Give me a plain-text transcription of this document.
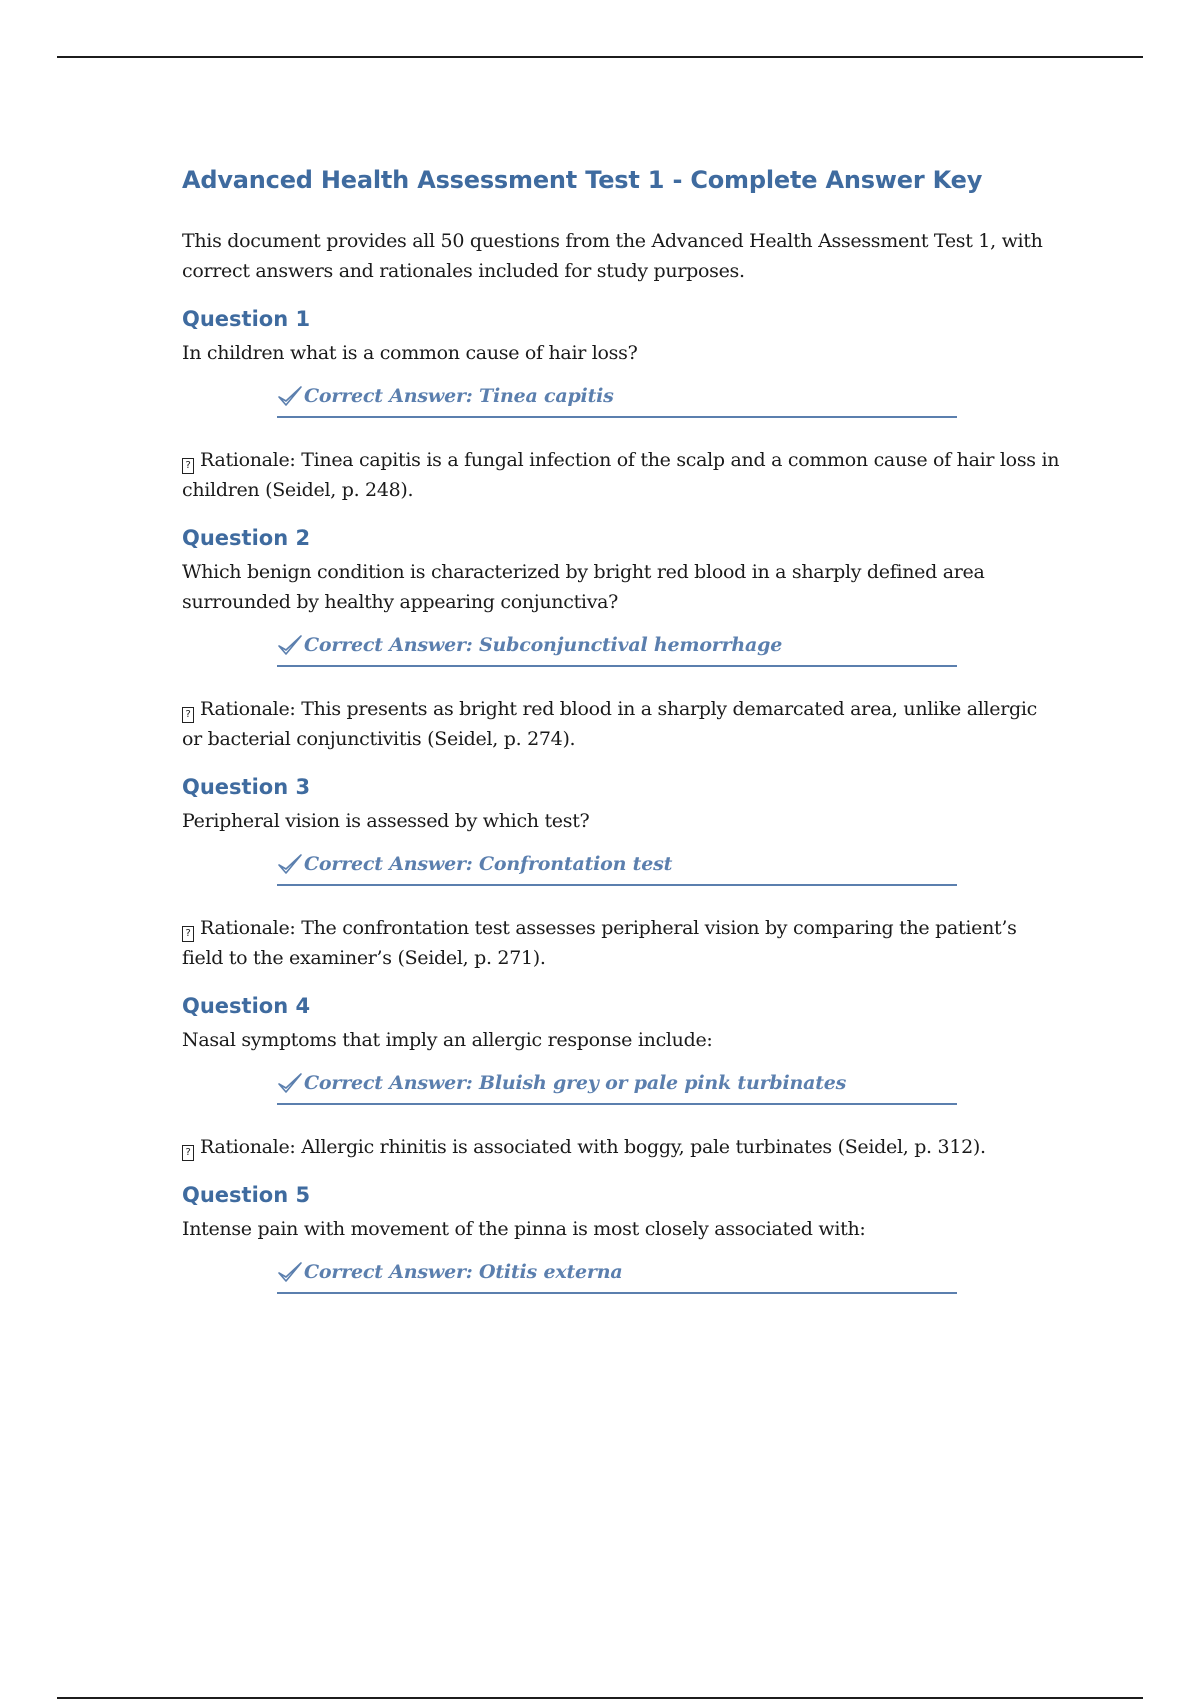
Advanced Health Assessment Test 1 - Complete Answer Key

This document provides all 50 questions from the Advanced Health Assessment Test 1, with correct answers and rationales included for study purposes.

Question 1

In children what is a common cause of hair loss?

Correct Answer: Tinea capitis

? Rationale: Tinea capitis is a fungal infection of the scalp and a common cause of hair loss in children (Seidel, p. 248).

Question 2

Which benign condition is characterized by bright red blood in a sharply defined area surrounded by healthy appearing conjunctiva?

Correct Answer: Subconjunctival hemorrhage

? Rationale: This presents as bright red blood in a sharply demarcated area, unlike allergic or bacterial conjunctivitis (Seidel, p. 274).

Question 3

Peripheral vision is assessed by which test?

Correct Answer: Confrontation test

? Rationale: The confrontation test assesses peripheral vision by comparing the patient’s field to the examiner’s (Seidel, p. 271).

Question 4

Nasal symptoms that imply an allergic response include:

Correct Answer: Bluish grey or pale pink turbinates

? Rationale: Allergic rhinitis is associated with boggy, pale turbinates (Seidel, p. 312).

Question 5

Intense pain with movement of the pinna is most closely associated with:

Correct Answer: Otitis externa
